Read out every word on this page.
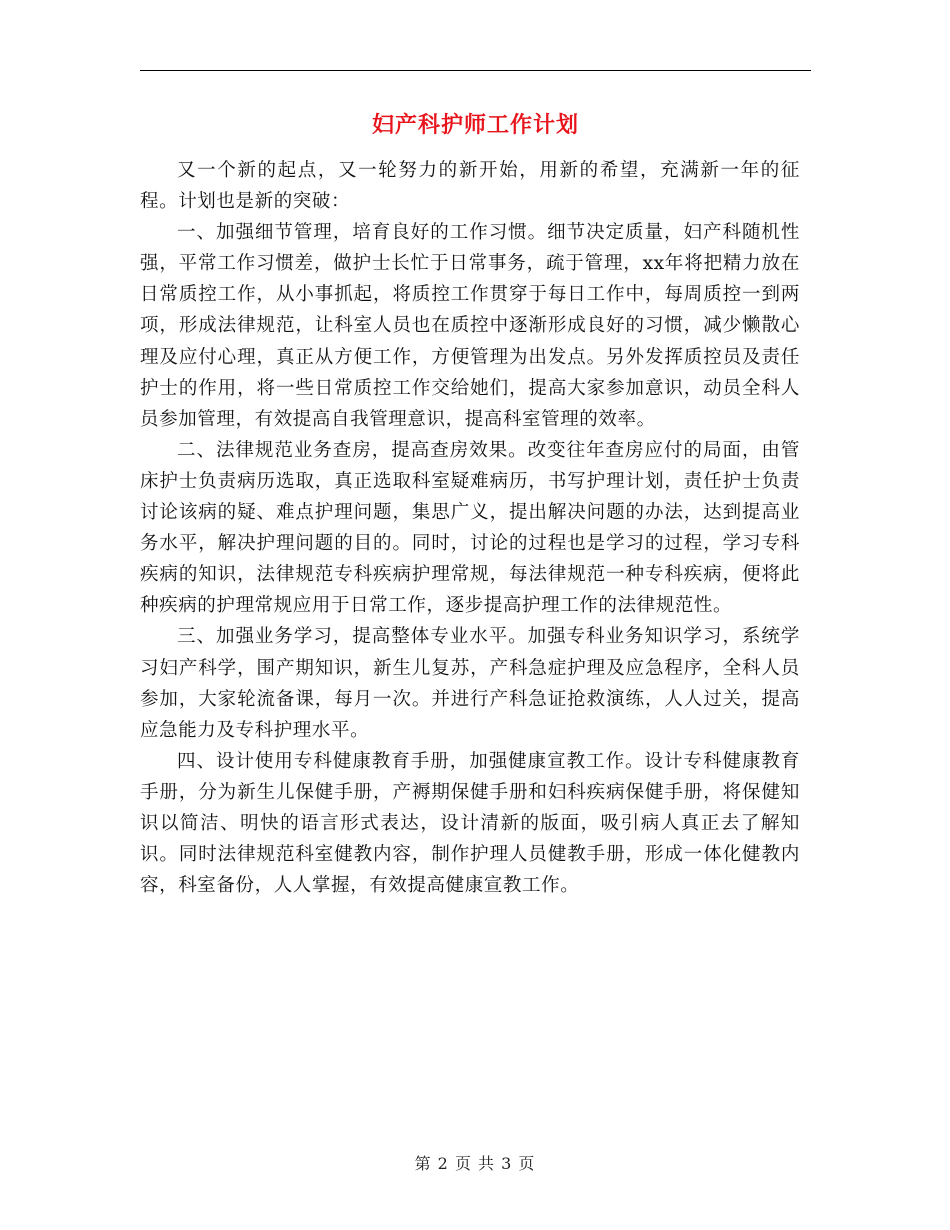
妇产科护师工作计划

又一个新的起点，又一轮努力的新开始，用新的希望，充满新一年的征程。计划也是新的突破：

一、加强细节管理，培育良好的工作习惯。细节决定质量，妇产科随机性强，平常工作习惯差，做护士长忙于日常事务，疏于管理，xx年将把精力放在日常质控工作，从小事抓起，将质控工作贯穿于每日工作中，每周质控一到两项，形成法律规范，让科室人员也在质控中逐渐形成良好的习惯，减少懒散心理及应付心理，真正从方便工作，方便管理为出发点。另外发挥质控员及责任护士的作用，将一些日常质控工作交给她们，提高大家参加意识，动员全科人员参加管理，有效提高自我管理意识，提高科室管理的效率。

二、法律规范业务查房，提高查房效果。改变往年查房应付的局面，由管床护士负责病历选取，真正选取科室疑难病历，书写护理计划，责任护士负责讨论该病的疑、难点护理问题，集思广义，提出解决问题的办法，达到提高业务水平，解决护理问题的目的。同时，讨论的过程也是学习的过程，学习专科疾病的知识，法律规范专科疾病护理常规，每法律规范一种专科疾病，便将此种疾病的护理常规应用于日常工作，逐步提高护理工作的法律规范性。

三、加强业务学习，提高整体专业水平。加强专科业务知识学习，系统学习妇产科学，围产期知识，新生儿复苏，产科急症护理及应急程序，全科人员参加，大家轮流备课，每月一次。并进行产科急证抢救演练，人人过关，提高应急能力及专科护理水平。

四、设计使用专科健康教育手册，加强健康宣教工作。设计专科健康教育手册，分为新生儿保健手册，产褥期保健手册和妇科疾病保健手册，将保健知识以简洁、明快的语言形式表达，设计清新的版面，吸引病人真正去了解知识。同时法律规范科室健教内容，制作护理人员健教手册，形成一体化健教内容，科室备份，人人掌握，有效提高健康宣教工作。

第 2 页 共 3 页
